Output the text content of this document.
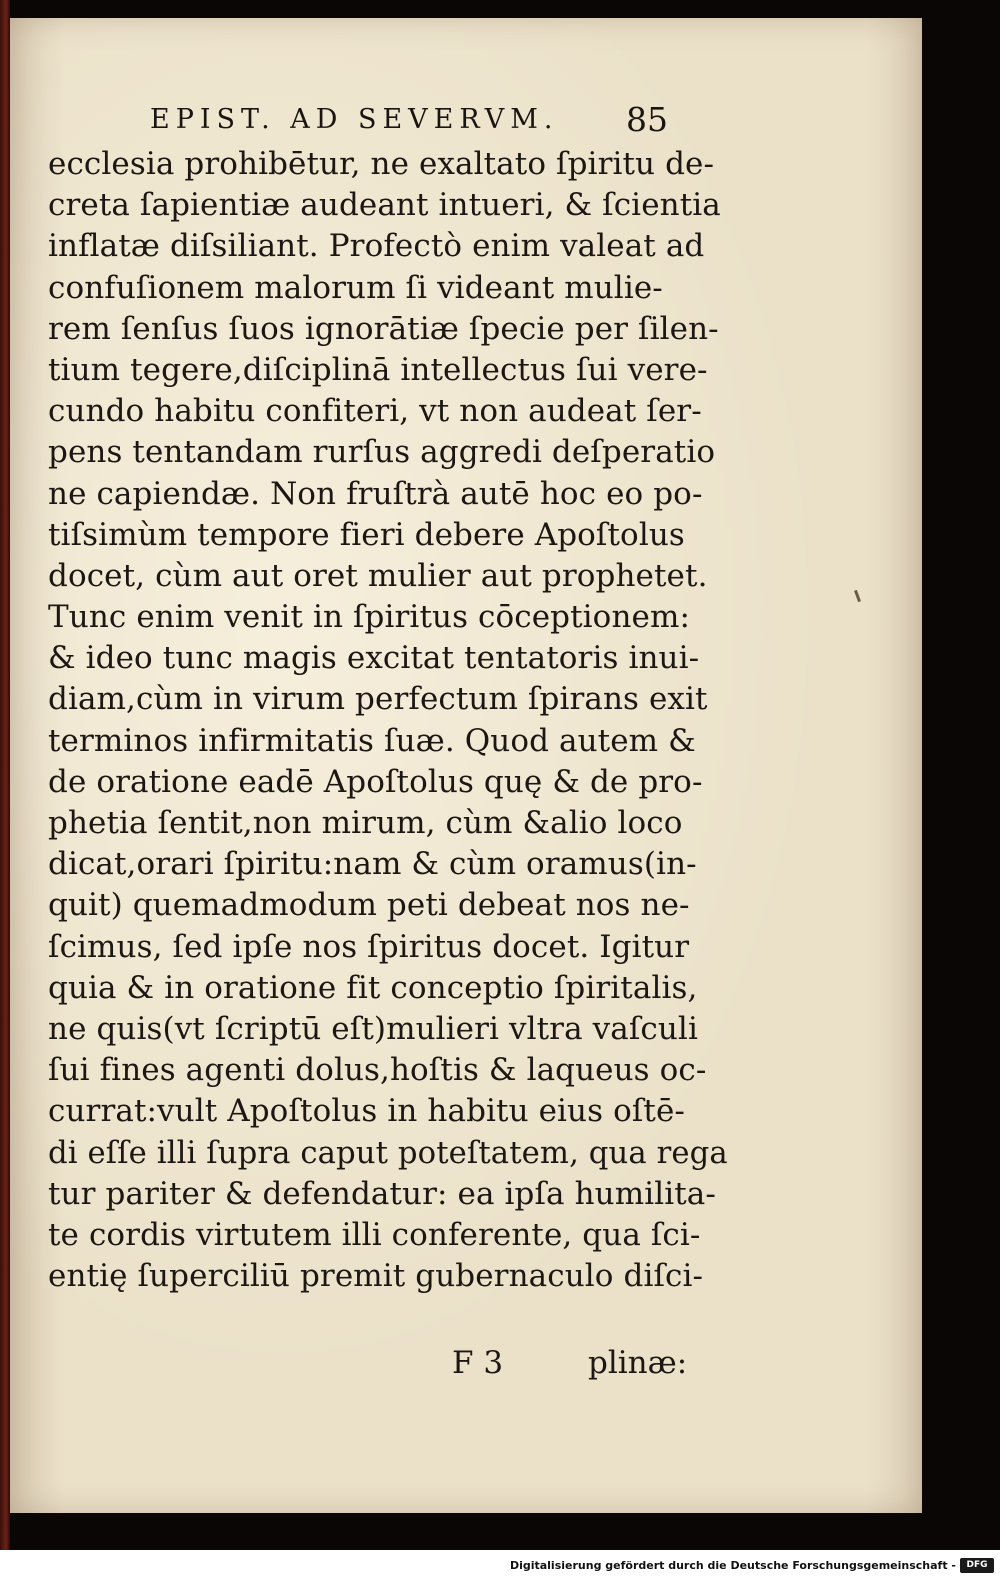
EPIST. AD SEVERVM. 85
ecclesia prohibētur, ne exaltato ſpiritu de-
creta ſapientiæ audeant intueri, & ſcientia
inflatæ diſsiliant. Profectò enim valeat ad
confuſionem malorum ſi videant mulie-
rem ſenſus ſuos ignorātiæ ſpecie per ſilen-
tium tegere,diſciplinā intellectus ſui vere-
cundo habitu confiteri, vt non audeat ſer-
pens tentandam rurſus aggredi deſperatio
ne capiendæ. Non fruſtrà autē hoc eo po-
tiſsimùm tempore fieri debere Apoſtolus
docet, cùm aut oret mulier aut prophetet.
Tunc enim venit in ſpiritus cōceptionem:
& ideo tunc magis excitat tentatoris inui-
diam,cùm in virum perfectum ſpirans exit
terminos infirmitatis ſuæ. Quod autem &
de oratione eadē Apoſtolus quę & de pro-
phetia ſentit,non mirum, cùm &alio loco
dicat,orari ſpiritu:nam & cùm oramus(in-
quit) quemadmodum peti debeat nos ne-
ſcimus, ſed ipſe nos ſpiritus docet. Igitur
quia & in oratione fit conceptio ſpiritalis,
ne quis(vt ſcriptū eſt)mulieri vltra vaſculi
ſui fines agenti dolus,hoſtis & laqueus oc-
currat:vult Apoſtolus in habitu eius oſtē-
di eſſe illi ſupra caput poteſtatem, qua rega
tur pariter & defendatur: ea ipſa humilita-
te cordis virtutem illi conferente, qua ſci-
entię ſuperciliū premit gubernaculo diſci-
F 3	plinæ:
Digitalisierung gefördert durch die Deutsche Forschungsgemeinschaft -	DFG
